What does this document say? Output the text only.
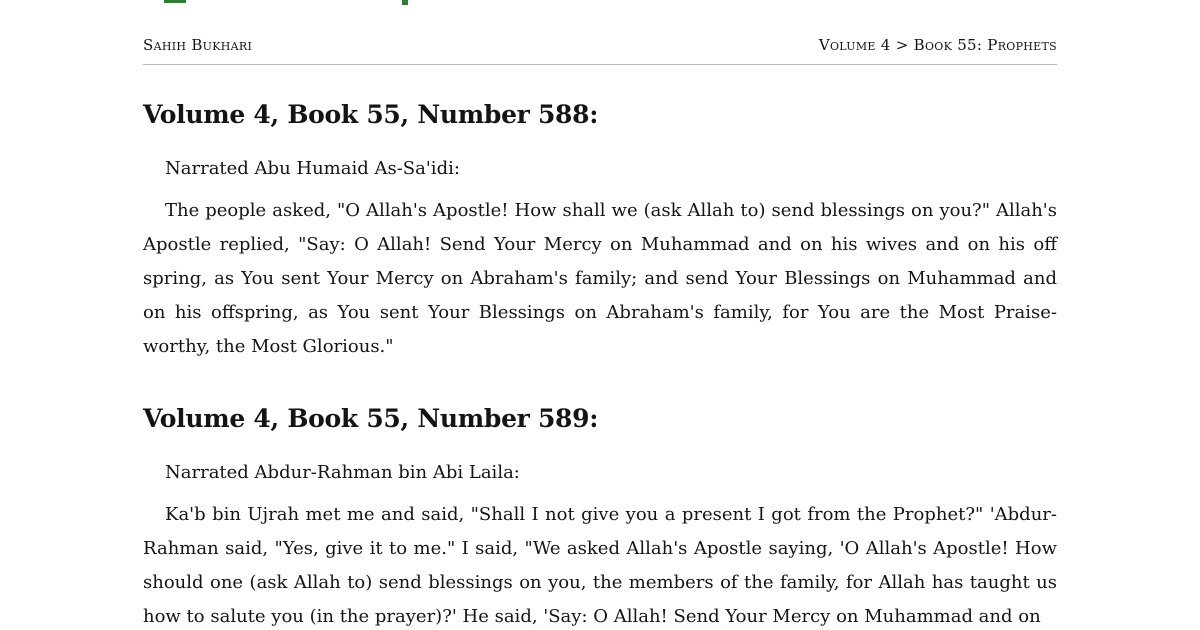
Sahih Bukhari	Volume 4 > Book 55: Prophets
Volume 4, Book 55, Number 588:

Narrated Abu Humaid As-Sa'idi:

The people asked, "O Allah's Apostle! How shall we (ask Allah to) send blessings on you?" Allah's Apostle replied, "Say: O Allah! Send Your Mercy on Muhammad and on his wives and on his off spring, as You sent Your Mercy on Abraham's family; and send Your Blessings on Muhammad and on his offspring, as You sent Your Blessings on Abraham's family, for You are the Most Praise-worthy, the Most Glorious."

Volume 4, Book 55, Number 589:

Narrated Abdur-Rahman bin Abi Laila:

Ka'b bin Ujrah met me and said, "Shall I not give you a present I got from the Prophet?" 'Abdur-Rahman said, "Yes, give it to me." I said, "We asked Allah's Apostle saying, 'O Allah's Apostle! How should one (ask Allah to) send blessings on you, the members of the family, for Allah has taught us how to salute you (in the prayer)?' He said, 'Say: O Allah! Send Your Mercy on Muhammad and on
